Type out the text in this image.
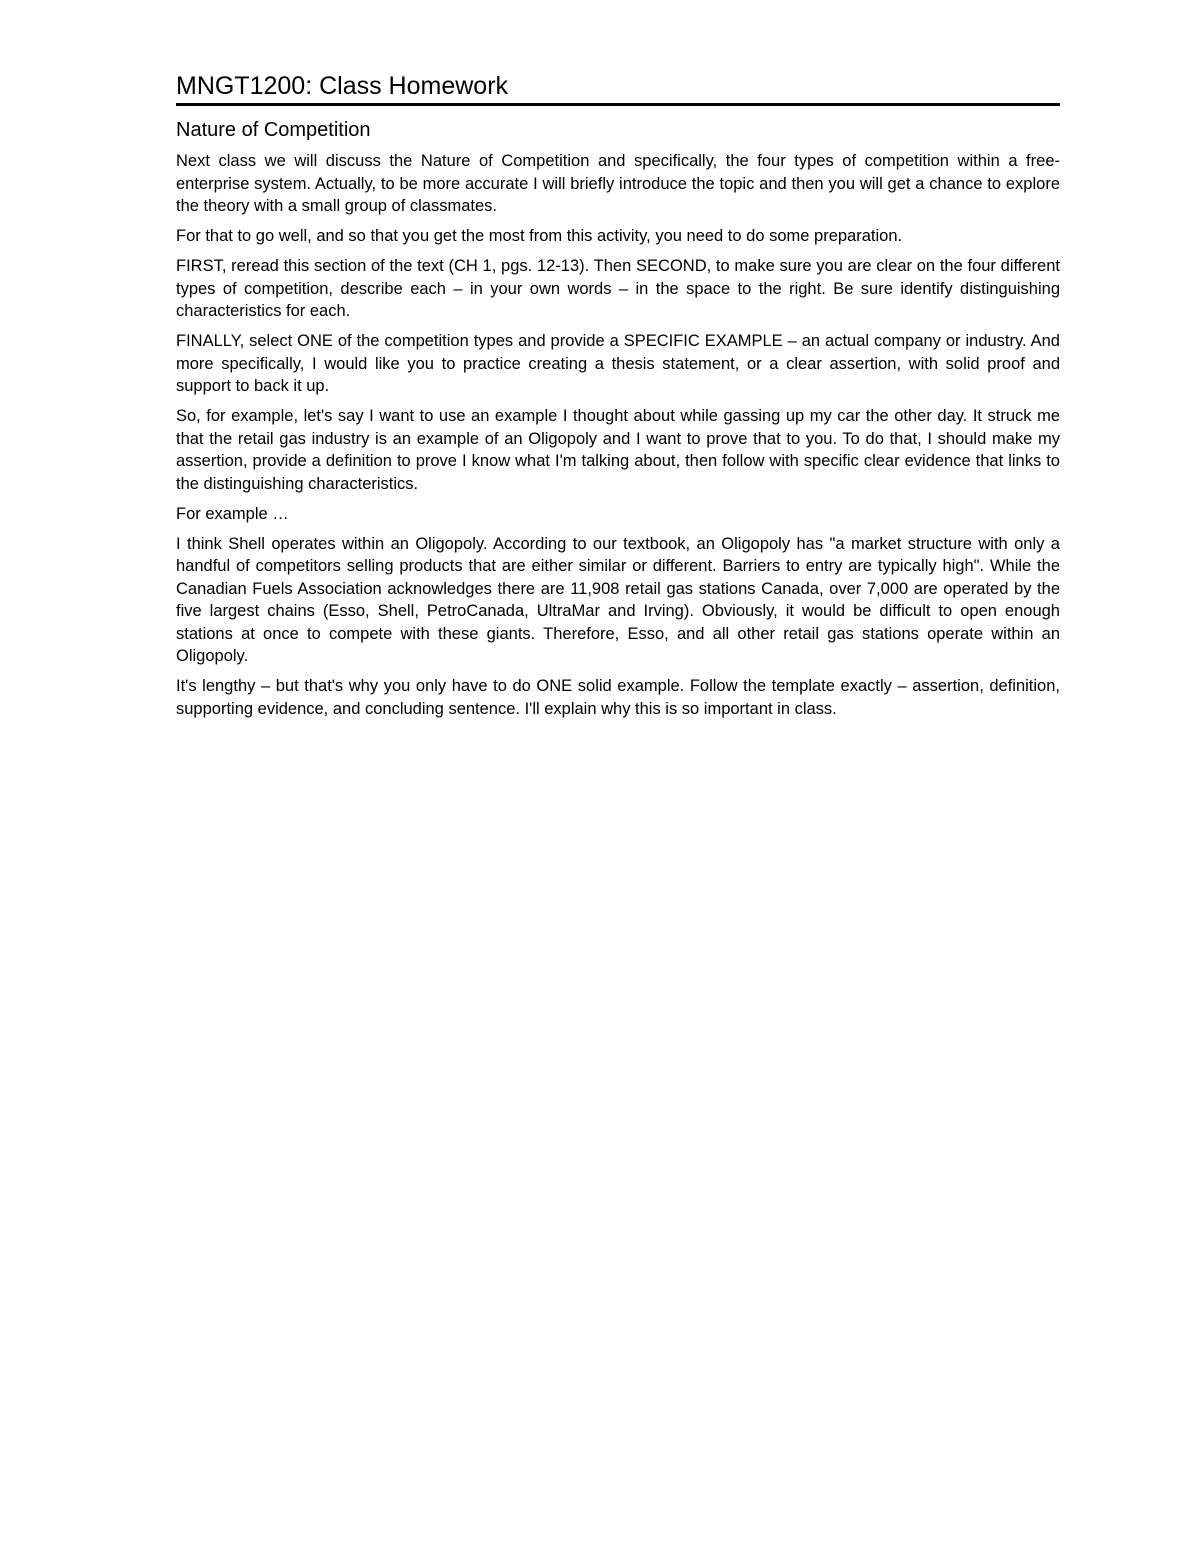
MNGT1200: Class Homework
Nature of Competition

Next class we will discuss the Nature of Competition and specifically, the four types of competition within a free-enterprise system. Actually, to be more accurate I will briefly introduce the topic and then you will get a chance to explore the theory with a small group of classmates.

For that to go well, and so that you get the most from this activity, you need to do some preparation.

FIRST, reread this section of the text (CH 1, pgs. 12-13). Then SECOND, to make sure you are clear on the four different types of competition, describe each – in your own words – in the space to the right. Be sure identify distinguishing characteristics for each.

FINALLY, select ONE of the competition types and provide a SPECIFIC EXAMPLE – an actual company or industry. And more specifically, I would like you to practice creating a thesis statement, or a clear assertion, with solid proof and support to back it up.

So, for example, let's say I want to use an example I thought about while gassing up my car the other day. It struck me that the retail gas industry is an example of an Oligopoly and I want to prove that to you. To do that, I should make my assertion, provide a definition to prove I know what I'm talking about, then follow with specific clear evidence that links to the distinguishing characteristics.

For example …

I think Shell operates within an Oligopoly. According to our textbook, an Oligopoly has "a market structure with only a handful of competitors selling products that are either similar or different. Barriers to entry are typically high". While the Canadian Fuels Association acknowledges there are 11,908 retail gas stations Canada, over 7,000 are operated by the five largest chains (Esso, Shell, PetroCanada, UltraMar and Irving). Obviously, it would be difficult to open enough stations at once to compete with these giants. Therefore, Esso, and all other retail gas stations operate within an Oligopoly.

It's lengthy – but that's why you only have to do ONE solid example. Follow the template exactly – assertion, definition, supporting evidence, and concluding sentence. I'll explain why this is so important in class.
